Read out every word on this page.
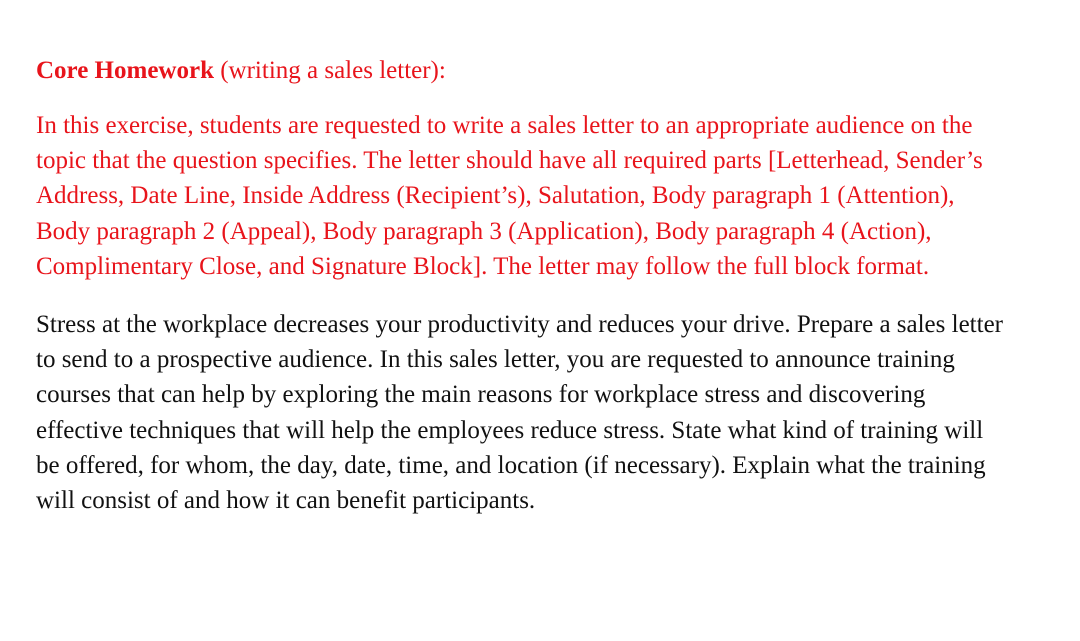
Core Homework (writing a sales letter):

In this exercise, students are requested to write a sales letter to an appropriate audience on the

topic that the question specifies. The letter should have all required parts [Letterhead, Sender’s

Address, Date Line, Inside Address (Recipient’s), Salutation, Body paragraph 1 (Attention),

Body paragraph 2 (Appeal), Body paragraph 3 (Application), Body paragraph 4 (Action),

Complimentary Close, and Signature Block]. The letter may follow the full block format.

Stress at the workplace decreases your productivity and reduces your drive. Prepare a sales letter

to send to a prospective audience. In this sales letter, you are requested to announce training

courses that can help by exploring the main reasons for workplace stress and discovering

effective techniques that will help the employees reduce stress. State what kind of training will

be offered, for whom, the day, date, time, and location (if necessary). Explain what the training

will consist of and how it can benefit participants.
